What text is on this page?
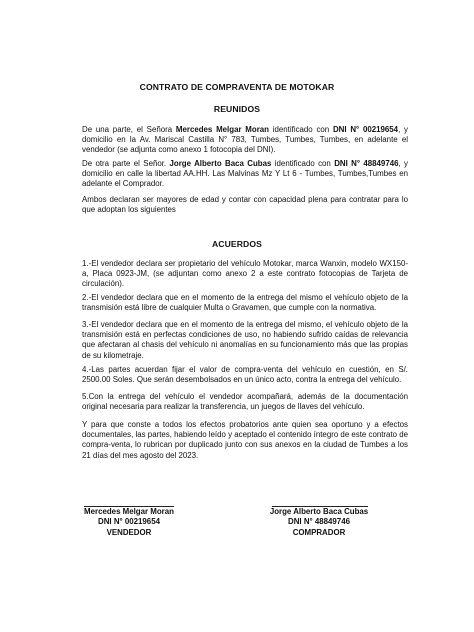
CONTRATO DE COMPRAVENTA DE MOTOKAR
REUNIDOS
De una parte, el Señora Mercedes Melgar Moran identificado con DNI N° 00219654, y domicilio en la Av. Mariscal Castilla N° 783, Tumbes, Tumbes, Tumbes, en adelante el vendedor (se adjunta como anexo 1 fotocopia del DNI).
De otra parte el Señor. Jorge Alberto Baca Cubas identificado con DNI N° 48849746, y domicilio en calle la libertad AA.HH. Las Malvinas Mz Y Lt 6 - Tumbes, Tumbes,Tumbes en adelante el Comprador.
Ambos declaran ser mayores de edad y contar con capacidad plena para contratar para lo que adoptan los siguientes
ACUERDOS
1.-El vendedor declara ser propietario del vehículo Motokar, marca Wanxin, modelo WX150-a, Placa 0923-JM, (se adjuntan como anexo 2 a este contrato fotocopias de Tarjeta de circulación).
2.-El vendedor declara que en el momento de la entrega del mismo el vehículo objeto de la transmisión está libre de cualquier Multa o Gravamen, que cumple con la normativa.
3.-El vendedor declara que en el momento de la entrega del mismo, el vehículo objeto de la transmisión está en perfectas condiciones de uso, no habiendo sufrido caídas de relevancia que afectaran al chasis del vehículo ni anomalías en su funcionamiento más que las propias de su kilometraje.
4.-Las partes acuerdan fijar el valor de compra-venta del vehículo en cuestión, en S/. 2500.00 Soles. Que serán desembolsados en un único acto, contra la entrega del vehículo.
5.Con la entrega del vehículo el vendedor acompañará, además de la documentación original necesaria para realizar la transferencia, un juegos de llaves del vehículo.
Y para que conste a todos los efectos probatorios ante quien sea oportuno y a efectos documentales, las partes, habiendo leído y aceptado el contenido íntegro de este contrato de compra-venta, lo rubrican por duplicado junto con sus anexos en la ciudad de Tumbes a los 21 días del mes agosto del 2023.
Mercedes Melgar Moran
DNI N° 00219654
VENDEDOR
Jorge Alberto Baca Cubas
DNI N° 48849746
COMPRADOR
